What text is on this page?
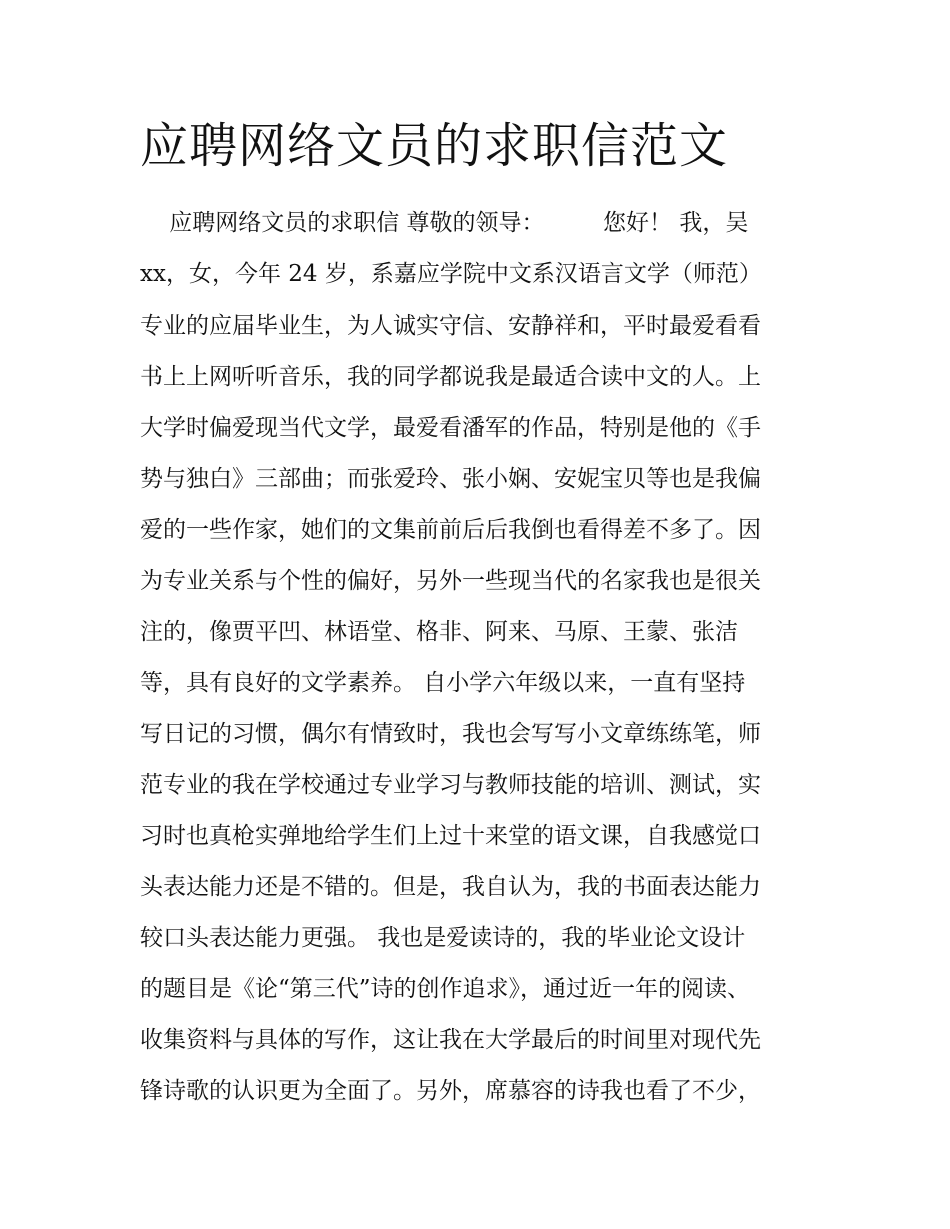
应聘网络文员的求职信范文
应聘网络文员的求职信 尊敬的领导：        您好！ 我，吴
xx，女，今年 24 岁，系嘉应学院中文系汉语言文学（师范）
专业的应届毕业生，为人诚实守信、安静祥和，平时最爱看看
书上上网听听音乐，我的同学都说我是最适合读中文的人。上
大学时偏爱现当代文学，最爱看潘军的作品，特别是他的《手
势与独白》三部曲；而张爱玲、张小娴、安妮宝贝等也是我偏
爱的一些作家，她们的文集前前后后我倒也看得差不多了。因
为专业关系与个性的偏好，另外一些现当代的名家我也是很关
注的，像贾平凹、林语堂、格非、阿来、马原、王蒙、张洁
等，具有良好的文学素养。 自小学六年级以来，一直有坚持
写日记的习惯，偶尔有情致时，我也会写写小文章练练笔，师
范专业的我在学校通过专业学习与教师技能的培训、测试，实
习时也真枪实弹地给学生们上过十来堂的语文课，自我感觉口
头表达能力还是不错的。但是，我自认为，我的书面表达能力
较口头表达能力更强。 我也是爱读诗的，我的毕业论文设计
的题目是《论“第三代”诗的创作追求》，通过近一年的阅读、
收集资料与具体的写作，这让我在大学最后的时间里对现代先
锋诗歌的认识更为全面了。另外，席慕容的诗我也看了不少，
